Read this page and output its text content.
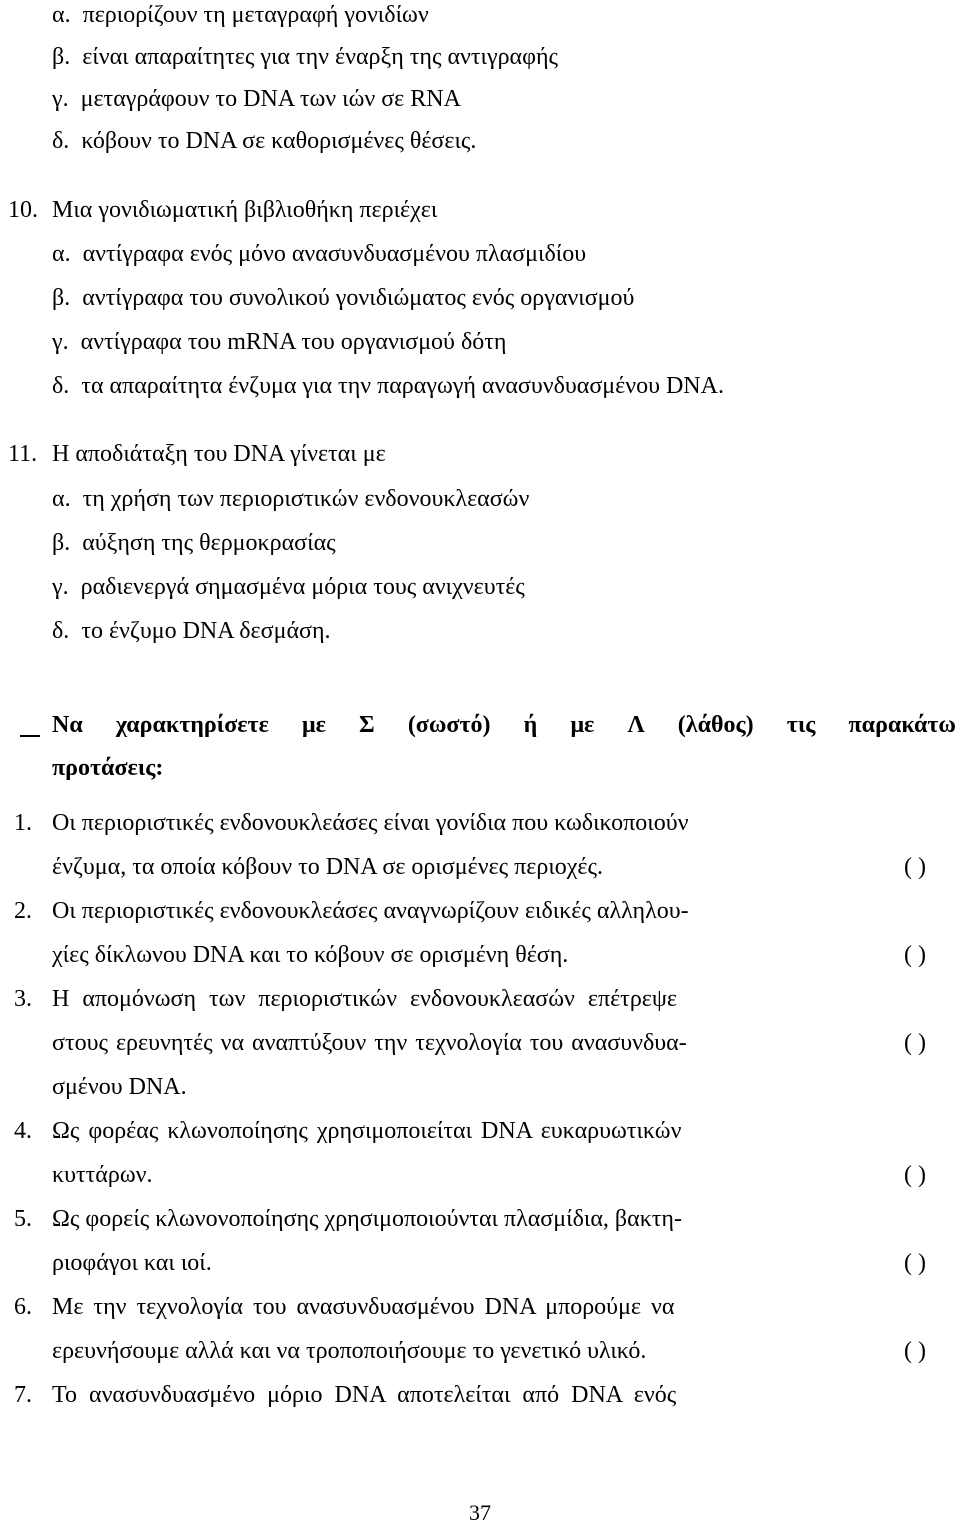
α. περιορίζουν τη μεταγραφή γονιδίων
β. είναι απαραίτητες για την έναρξη της αντιγραφής
γ. μεταγράφουν το DNA των ιών σε RNA
δ. κόβουν το DNA σε καθορισμένες θέσεις.
10. Μια γονιδιωματική βιβλιοθήκη περιέχει
α. αντίγραφα ενός μόνο ανασυνδυασμένου πλασμιδίου
β. αντίγραφα του συνολικού γονιδιώματος ενός οργανισμού
γ. αντίγραφα του mRNA του οργανισμού δότη
δ. τα απαραίτητα ένζυμα για την παραγωγή ανασυνδυασμένου DNA.
11. Η αποδιάταξη του DNA γίνεται με
α. τη χρήση των περιοριστικών ενδονουκλεασών
β. αύξηση της θερμοκρασίας
γ. ραδιενεργά σημασμένα μόρια τους ανιχνευτές
δ. το ένζυμο DNA δεσμάση.
Να χαρακτηρίσετε με Σ (σωστό) ή με Λ (λάθος) τις παρακάτω
προτάσεις:
1. Οι περιοριστικές ενδονουκλεάσες είναι γονίδια που κωδικοποιούν
ένζυμα, τα οποία κόβουν το DNA σε ορισμένες περιοχές.	( )
2. Οι περιοριστικές ενδονουκλεάσες αναγνωρίζουν ειδικές αλληλου-
χίες δίκλωνου DNA και το κόβουν σε ορισμένη θέση.	( )
3. Η απομόνωση των περιοριστικών ενδονουκλεασών επέτρεψε
στους ερευνητές να αναπτύξουν την τεχνολογία του ανασυνδυα-
σμένου DNA.
( )
4. Ως φορέας κλωνοποίησης χρησιμοποιείται DNA ευκαρυωτικών
κυττάρων.	( )
5. Ως φορείς κλωνονοποίησης χρησιμοποιούνται πλασμίδια, βακτη-
ριοφάγοι και ιοί.	( )
6. Με την τεχνολογία του ανασυνδυασμένου DNA μπορούμε να
ερευνήσουμε αλλά και να τροποποιήσουμε το γενετικό υλικό.	( )
7. Το ανασυνδυασμένο μόριο DNA αποτελείται από DNA ενός
37
